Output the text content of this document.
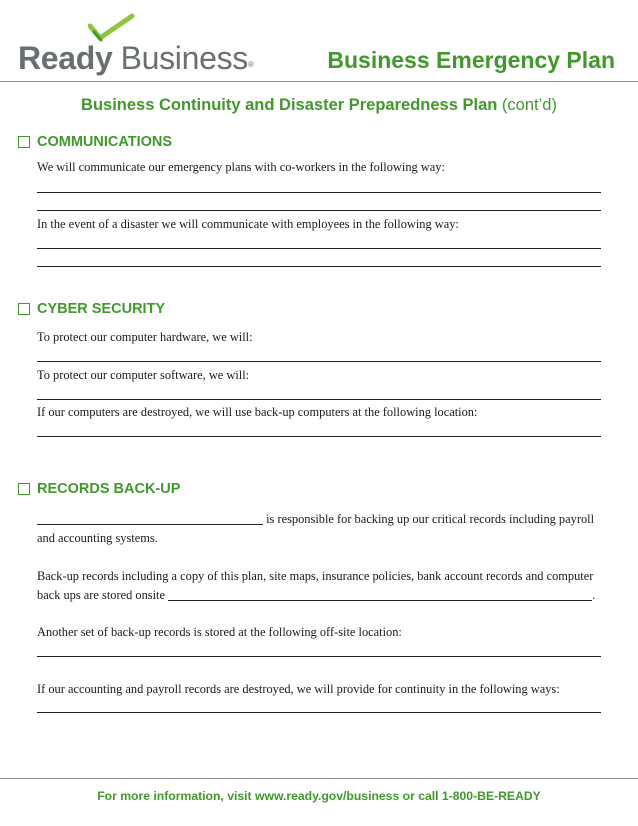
Ready Business®	Business Emergency Plan
Business Continuity and Disaster Preparedness Plan (cont’d)
COMMUNICATIONS
We will communicate our emergency plans with co-workers in the following way:
In the event of a disaster we will communicate with employees in the following way:
CYBER SECURITY
To protect our computer hardware, we will:
To protect our computer software, we will:
If our computers are destroyed, we will use back-up computers at the following location:
RECORDS BACK-UP
is responsible for backing up our critical records including payroll
and accounting systems.
Back-up records including a copy of this plan, site maps, insurance policies, bank account records and computer
back ups are stored onsite	.
Another set of back-up records is stored at the following off-site location:
If our accounting and payroll records are destroyed, we will provide for continuity in the following ways:
For more information, visit www.ready.gov/business or call 1-800-BE-READY
